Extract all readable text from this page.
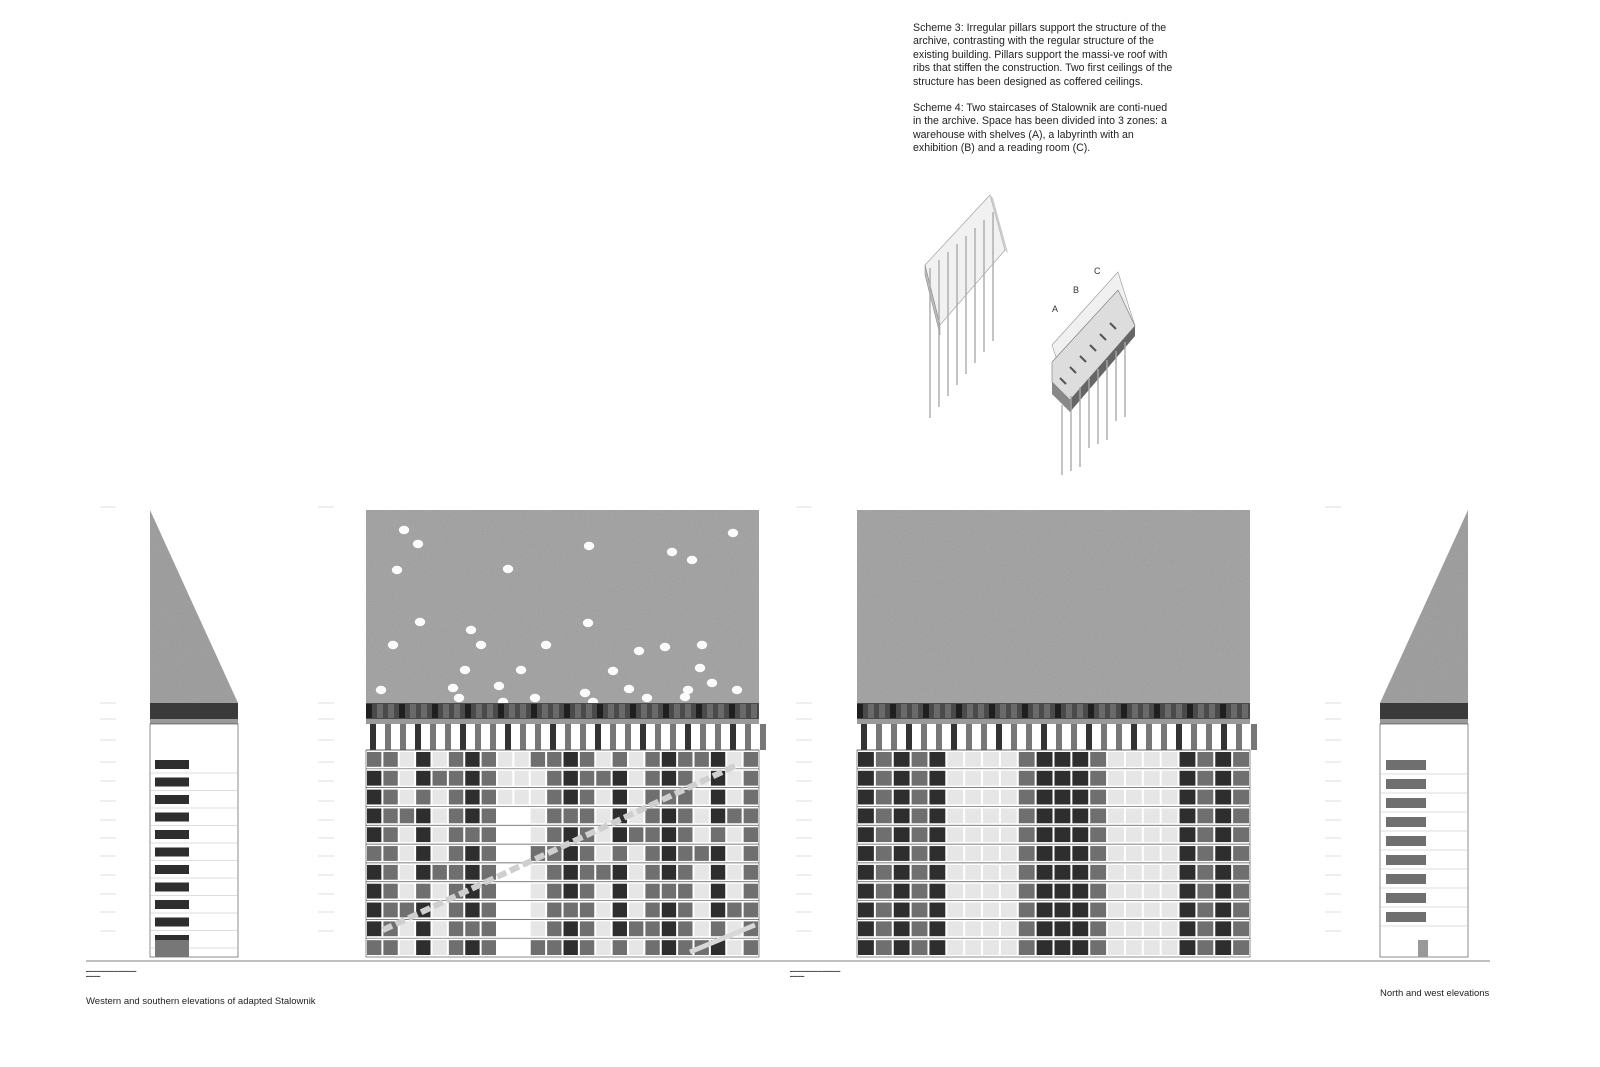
Scheme 3: Irregular pillars support the structure of the archive, contrasting with the regular structure of the existing building. Pillars support the massi-ve roof with ribs that stiffen the construction. Two first ceilings of the structure has been designed as coffered ceilings.

Scheme 4: Two staircases of Stalownik are conti-nued in the archive. Space has been divided into 3 zones: a warehouse with shelves (A), a labyrinth with an exhibition (B) and a reading room (C).

A
B
C
▬▬▬▬▬▬▬▬▬▬▬▬▬▬
▬▬▬▬
▬▬▬▬▬▬▬▬▬▬▬▬▬▬
▬▬▬▬
Western and southern elevations of adapted Stalownik
North and west elevations
